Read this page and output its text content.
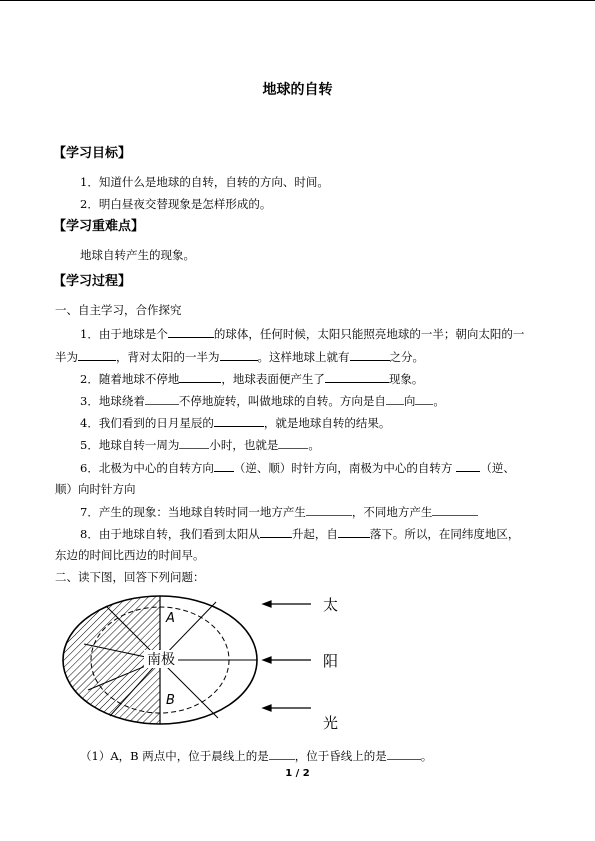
地球的自转
【学习目标】
1．知道什么是地球的自转，自转的方向、时间。
2．明白昼夜交替现象是怎样形成的。
【学习重难点】
地球自转产生的现象。
【学习过程】
一、自主学习，合作探究
1．由于地球是个	的球体，任何时候，太阳只能照亮地球的一半；朝向太阳的一
半为	，背对太阳的一半为	。这样地球上就有	之分。
2．随着地球不停地	，地球表面便产生了	现象。
3．地球绕着	不停地旋转，叫做地球的自转。方向是自 向 。
4．我们看到的日月星辰的	，就是地球自转的结果。
5．地球自转一周为	小时，也就是	。
6．北极为中心的自转方向 （逆、顺）时针方向，南极为中心的自转方 （逆、
顺）向时针方向
7．产生的现象：当地球自转时同一地方产生	，不同地方产生
8．由于地球自转，我们看到太阳从	升起，自	落下。所以，在同纬度地区，
东边的时间比西边的时间早。
二、读下图，回答下列问题：
南极
A
B
太
阳
光
（1）A，B 两点中，位于晨线上的是 ，位于昏线上的是	。
1 / 2
